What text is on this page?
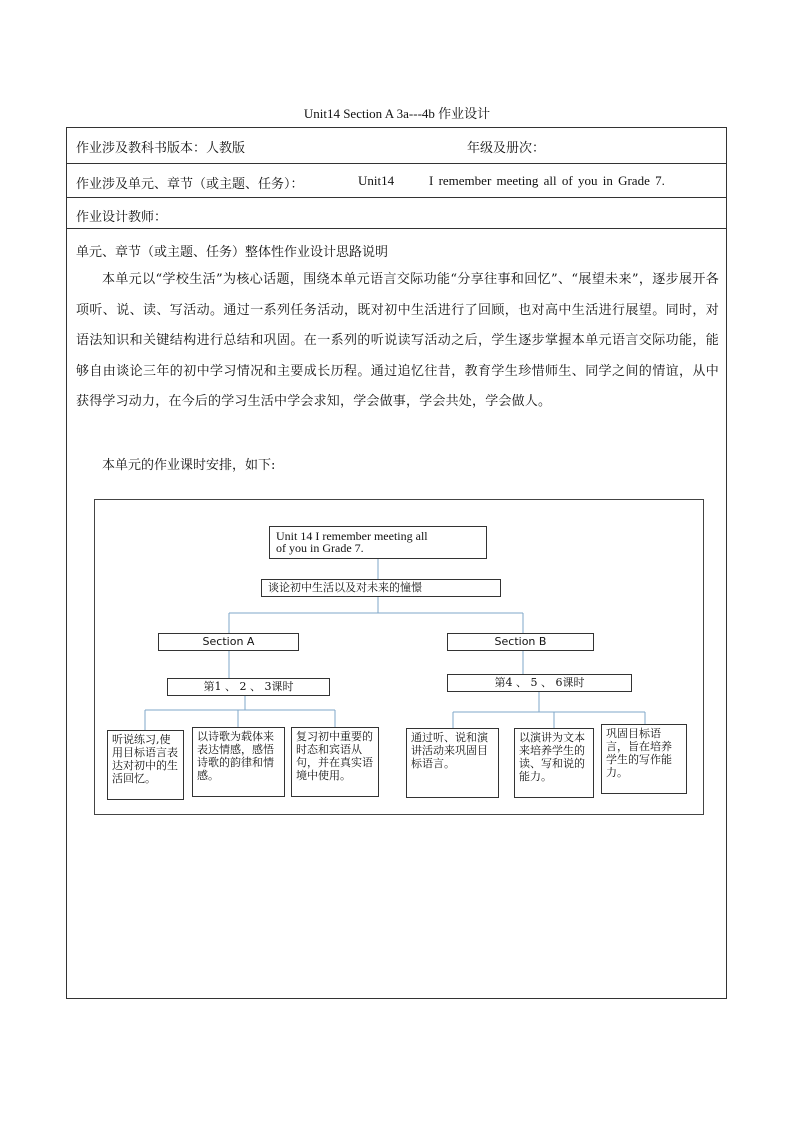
Unit14 Section A 3a---4b 作业设计
作业涉及教科书版本：人教版	年级及册次：
作业涉及单元、章节（或主题、任务）：	Unit14	I remember meeting all of you in Grade 7.
作业设计教师：
单元、章节（或主题、任务）整体性作业设计思路说明
本单元以“学校生活”为核心话题，围绕本单元语言交际功能“分享往事和回忆”、“展望未来”，逐步展开各项听、说、读、写活动。通过一系列任务活动，既对初中生活进行了回顾，也对高中生活进行展望。同时，对语法知识和关键结构进行总结和巩固。在一系列的听说读写活动之后，学生逐步掌握本单元语言交际功能，能够自由谈论三年的初中学习情况和主要成长历程。通过追忆往昔，教育学生珍惜师生、同学之间的情谊，从中获得学习动力，在今后的学习生活中学会求知，学会做事，学会共处，学会做人。
本单元的作业课时安排，如下:
Unit 14 I remember meeting all
of you in Grade 7.
谈论初中生活以及对未来的憧憬
Section A	Section B
第1 、 2 、 3课时	第4 、 5 、 6课时
听说练习,使用目标语言表达对初中的生活回忆。
以诗歌为载体来表达情感，感悟诗歌的韵律和情感。
复习初中重要的时态和宾语从句，并在真实语境中使用。
通过听、说和演讲活动来巩固目标语言。
以演讲为文本来培养学生的读、写和说的能力。
巩固目标语言，旨在培养学生的写作能力。
